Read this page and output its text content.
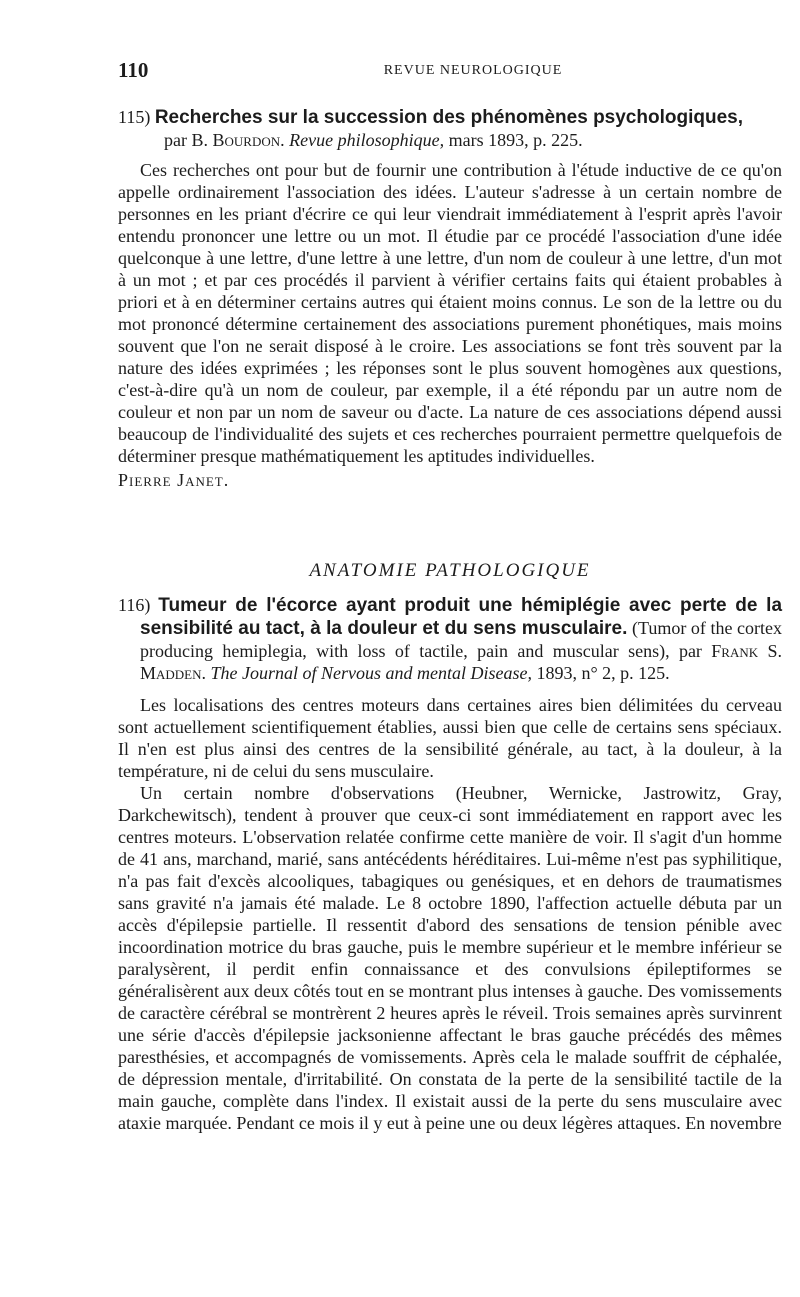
110	REVUE NEUROLOGIQUE

115) Recherches sur la succession des phénomènes psychologiques,
par B. Bourdon. Revue philosophique, mars 1893, p. 225.

Ces recherches ont pour but de fournir une contribution à l'étude inductive de ce qu'on appelle ordinairement l'association des idées. L'auteur s'adresse à un certain nombre de personnes en les priant d'écrire ce qui leur viendrait immédiatement à l'esprit après l'avoir entendu prononcer une lettre ou un mot. Il étudie par ce procédé l'association d'une idée quelconque à une lettre, d'une lettre à une lettre, d'un nom de couleur à une lettre, d'un mot à un mot ; et par ces procédés il parvient à vérifier certains faits qui étaient probables à priori et à en déterminer certains autres qui étaient moins connus. Le son de la lettre ou du mot prononcé détermine certainement des associations purement phonétiques, mais moins souvent que l'on ne serait disposé à le croire. Les associations se font très souvent par la nature des idées exprimées ; les réponses sont le plus souvent homogènes aux questions, c'est-à-dire qu'à un nom de couleur, par exemple, il a été répondu par un autre nom de couleur et non par un nom de saveur ou d'acte. La nature de ces associations dépend aussi beaucoup de l'individualité des sujets et ces recherches pourraient permettre quelquefois de déterminer presque mathématiquement les aptitudes individuelles.

Pierre Janet.

ANATOMIE PATHOLOGIQUE

116) Tumeur de l'écorce ayant produit une hémiplégie avec perte de la sensibilité au tact, à la douleur et du sens musculaire. (Tumor of the cortex producing hemiplegia, with loss of tactile, pain and muscular sens), par Frank S. Madden. The Journal of Nervous and mental Disease, 1893, n° 2, p. 125.

Les localisations des centres moteurs dans certaines aires bien délimitées du cerveau sont actuellement scientifiquement établies, aussi bien que celle de certains sens spéciaux. Il n'en est plus ainsi des centres de la sensibilité générale, au tact, à la douleur, à la température, ni de celui du sens musculaire.

Un certain nombre d'observations (Heubner, Wernicke, Jastrowitz, Gray, Darkchewitsch), tendent à prouver que ceux-ci sont immédiatement en rapport avec les centres moteurs. L'observation relatée confirme cette manière de voir. Il s'agit d'un homme de 41 ans, marchand, marié, sans antécédents héréditaires. Lui-même n'est pas syphilitique, n'a pas fait d'excès alcooliques, tabagiques ou genésiques, et en dehors de traumatismes sans gravité n'a jamais été malade. Le 8 octobre 1890, l'affection actuelle débuta par un accès d'épilepsie partielle. Il ressentit d'abord des sensations de tension pénible avec incoordination motrice du bras gauche, puis le membre supérieur et le membre inférieur se paralysèrent, il perdit enfin connaissance et des convulsions épileptiformes se généralisèrent aux deux côtés tout en se montrant plus intenses à gauche. Des vomissements de caractère cérébral se montrèrent 2 heures après le réveil. Trois semaines après survinrent une série d'accès d'épilepsie jacksonienne affectant le bras gauche précédés des mêmes paresthésies, et accompagnés de vomissements. Après cela le malade souffrit de céphalée, de dépression mentale, d'irritabilité. On constata de la perte de la sensibilité tactile de la main gauche, complète dans l'index. Il existait aussi de la perte du sens musculaire avec ataxie marquée. Pendant ce mois il y eut à peine une ou deux légères attaques. En novembre
